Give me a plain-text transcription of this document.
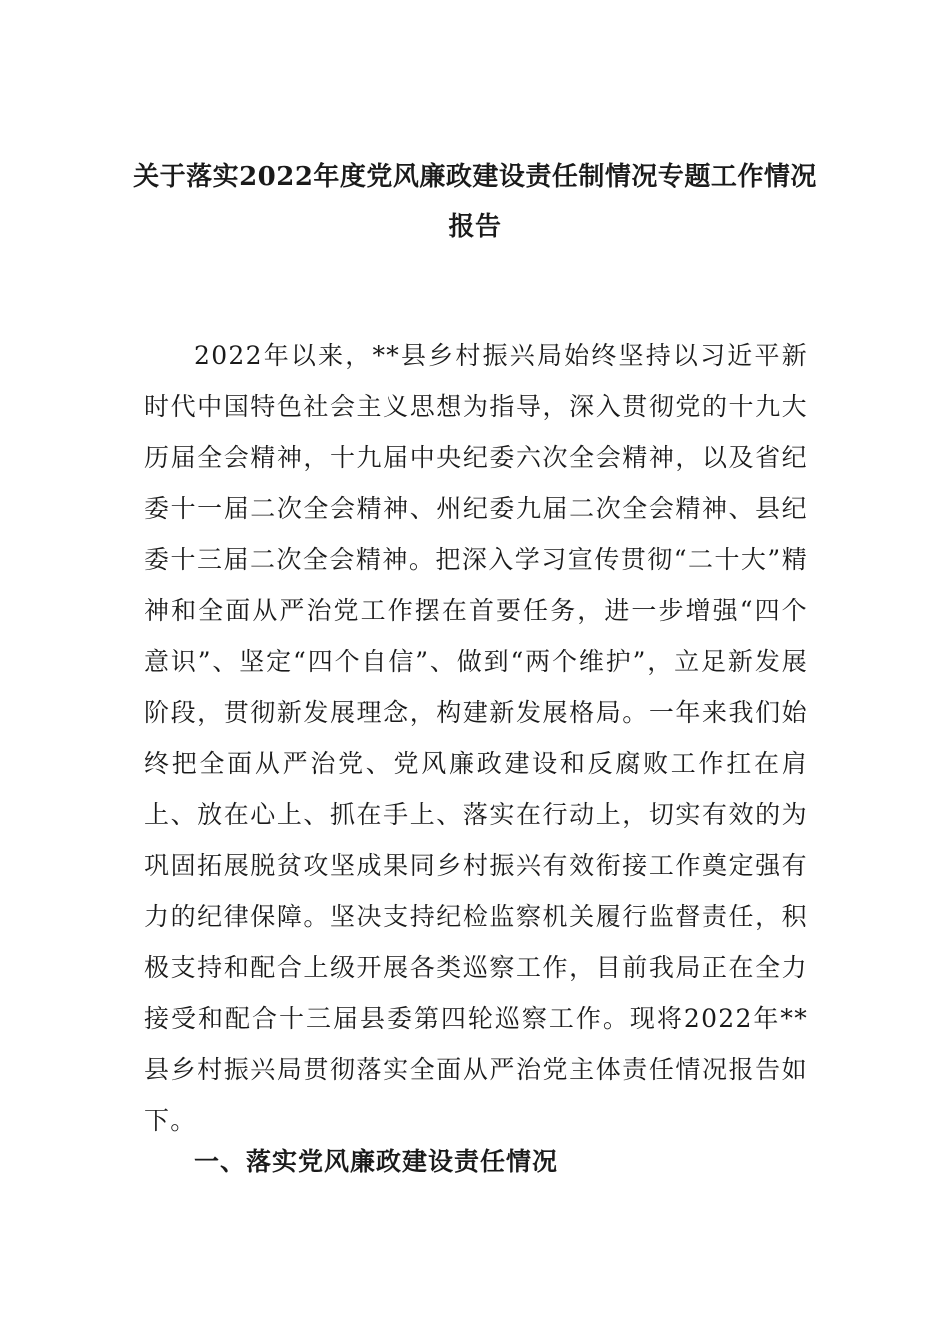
关于落实2022年度党风廉政建设责任制情况专题工作情况
报告

2022年以来，**县乡村振兴局始终坚持以习近平新时代中国特色社会主义思想为指导，深入贯彻党的十九大历届全会精神，十九届中央纪委六次全会精神，以及省纪委十一届二次全会精神、州纪委九届二次全会精神、县纪委十三届二次全会精神。把深入学习宣传贯彻“二十大”精神和全面从严治党工作摆在首要任务，进一步增强“四个意识”、坚定“四个自信”、做到“两个维护”，立足新发展阶段，贯彻新发展理念，构建新发展格局。一年来我们始终把全面从严治党、党风廉政建设和反腐败工作扛在肩上、放在心上、抓在手上、落实在行动上，切实有效的为巩固拓展脱贫攻坚成果同乡村振兴有效衔接工作奠定强有力的纪律保障。坚决支持纪检监察机关履行监督责任，积极支持和配合上级开展各类巡察工作，目前我局正在全力接受和配合十三届县委第四轮巡察工作。现将2022年**县乡村振兴局贯彻落实全面从严治党主体责任情况报告如下。

一、落实党风廉政建设责任情况
